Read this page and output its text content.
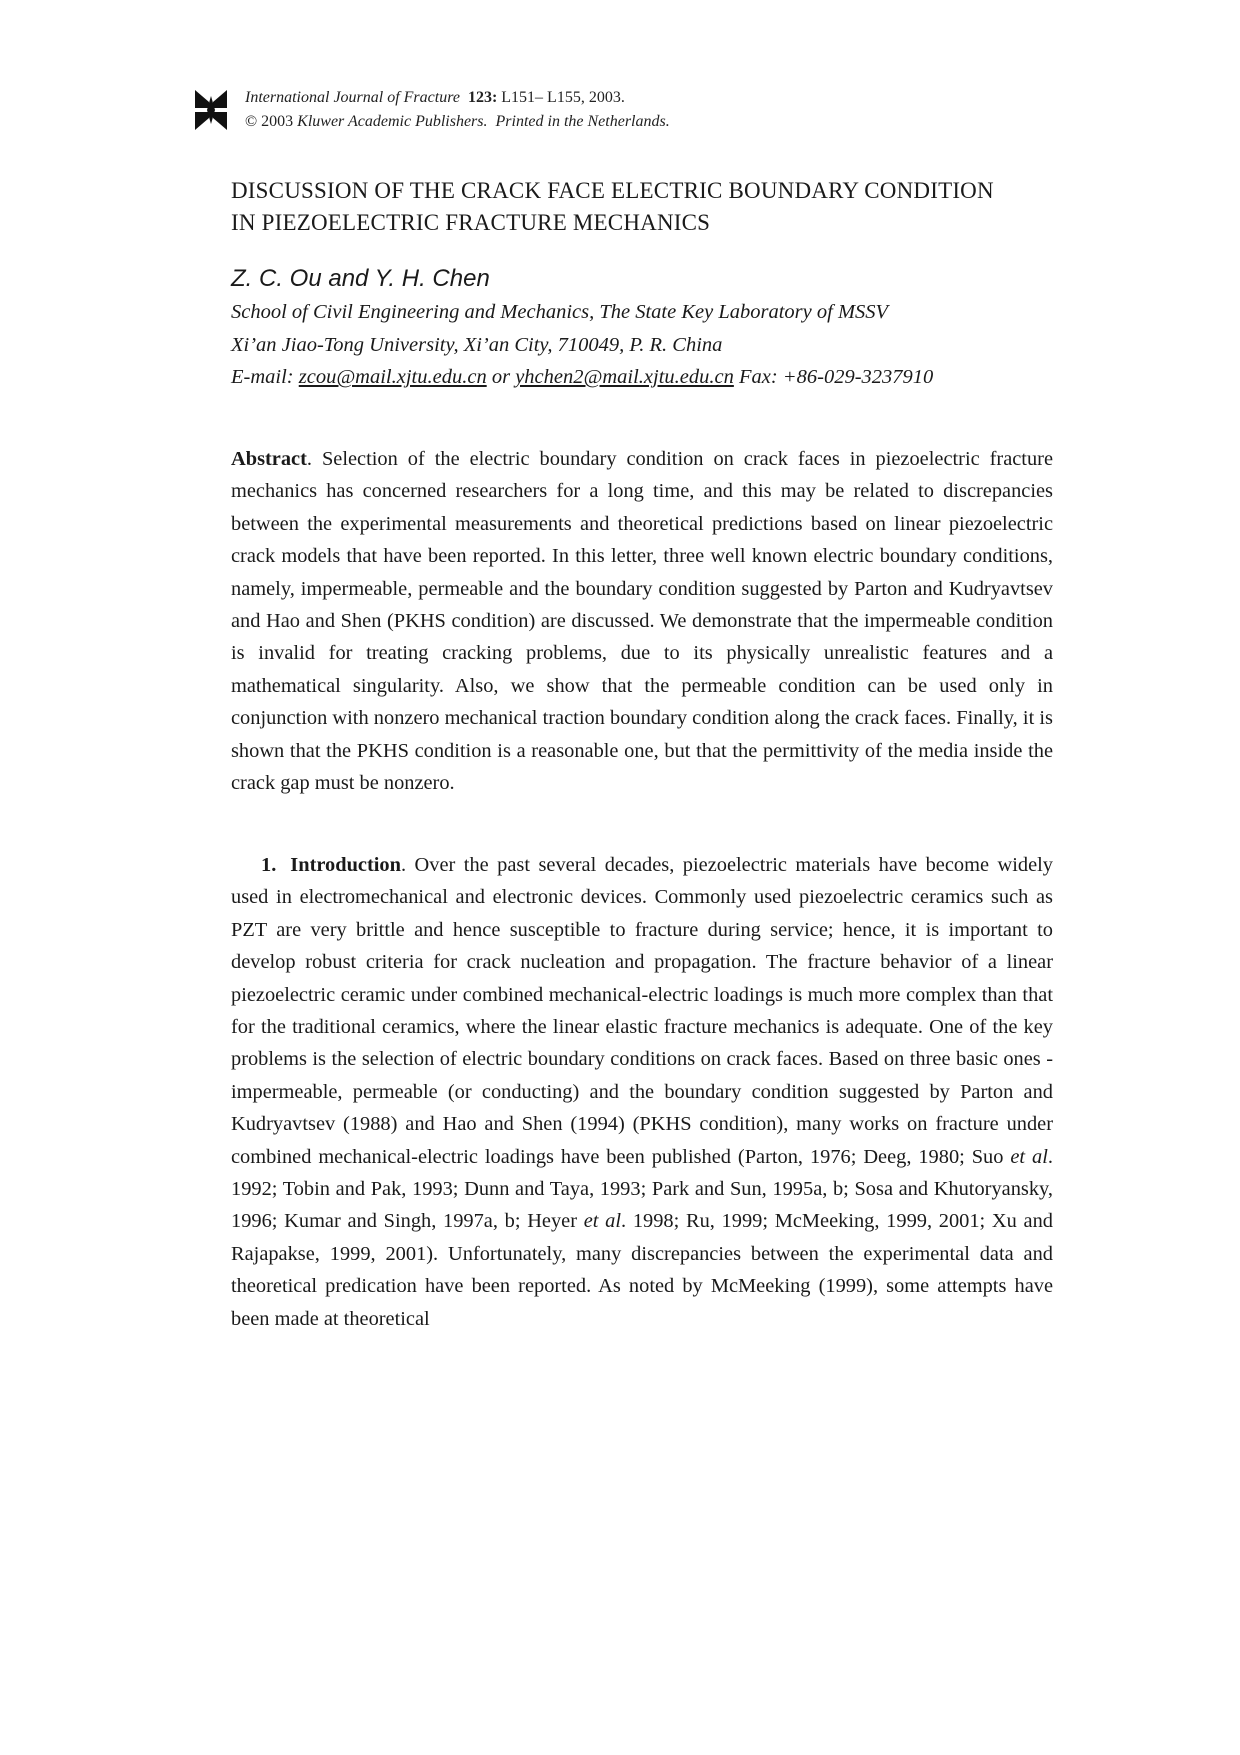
International Journal of Fracture 123: L151– L155, 2003.
© 2003 Kluwer Academic Publishers. Printed in the Netherlands.
DISCUSSION OF THE CRACK FACE ELECTRIC BOUNDARY CONDITION
IN PIEZOELECTRIC FRACTURE MECHANICS
Z. C. Ou and Y. H. Chen
School of Civil Engineering and Mechanics, The State Key Laboratory of MSSV
Xi’an Jiao-Tong University, Xi’an City, 710049, P. R. China
E-mail: zcou@mail.xjtu.edu.cn or yhchen2@mail.xjtu.edu.cn Fax: +86-029-3237910
Abstract. Selection of the electric boundary condition on crack faces in piezoelectric fracture mechanics has concerned researchers for a long time, and this may be related to discrepancies between the experimental measurements and theoretical predictions based on linear piezoelectric crack models that have been reported. In this letter, three well known electric boundary conditions, namely, impermeable, permeable and the boundary condition suggested by Parton and Kudryavtsev and Hao and Shen (PKHS condition) are discussed. We demonstrate that the impermeable condition is invalid for treating cracking problems, due to its physically unrealistic features and a mathematical singularity. Also, we show that the permeable condition can be used only in conjunction with nonzero mechanical traction boundary condition along the crack faces. Finally, it is shown that the PKHS condition is a reasonable one, but that the permittivity of the media inside the crack gap must be nonzero.
1. Introduction. Over the past several decades, piezoelectric materials have become widely used in electromechanical and electronic devices. Commonly used piezoelectric ceramics such as PZT are very brittle and hence susceptible to fracture during service; hence, it is important to develop robust criteria for crack nucleation and propagation. The fracture behavior of a linear piezoelectric ceramic under combined mechanical-electric loadings is much more complex than that for the traditional ceramics, where the linear elastic fracture mechanics is adequate. One of the key problems is the selection of electric boundary conditions on crack faces. Based on three basic ones - impermeable, permeable (or conducting) and the boundary condition suggested by Parton and Kudryavtsev (1988) and Hao and Shen (1994) (PKHS condition), many works on fracture under combined mechanical-electric loadings have been published (Parton, 1976; Deeg, 1980; Suo et al. 1992; Tobin and Pak, 1993; Dunn and Taya, 1993; Park and Sun, 1995a, b; Sosa and Khutoryansky, 1996; Kumar and Singh, 1997a, b; Heyer et al. 1998; Ru, 1999; McMeeking, 1999, 2001; Xu and Rajapakse, 1999, 2001). Unfortunately, many discrepancies between the experimental data and theoretical predication have been reported. As noted by McMeeking (1999), some attempts have been made at theoretical
